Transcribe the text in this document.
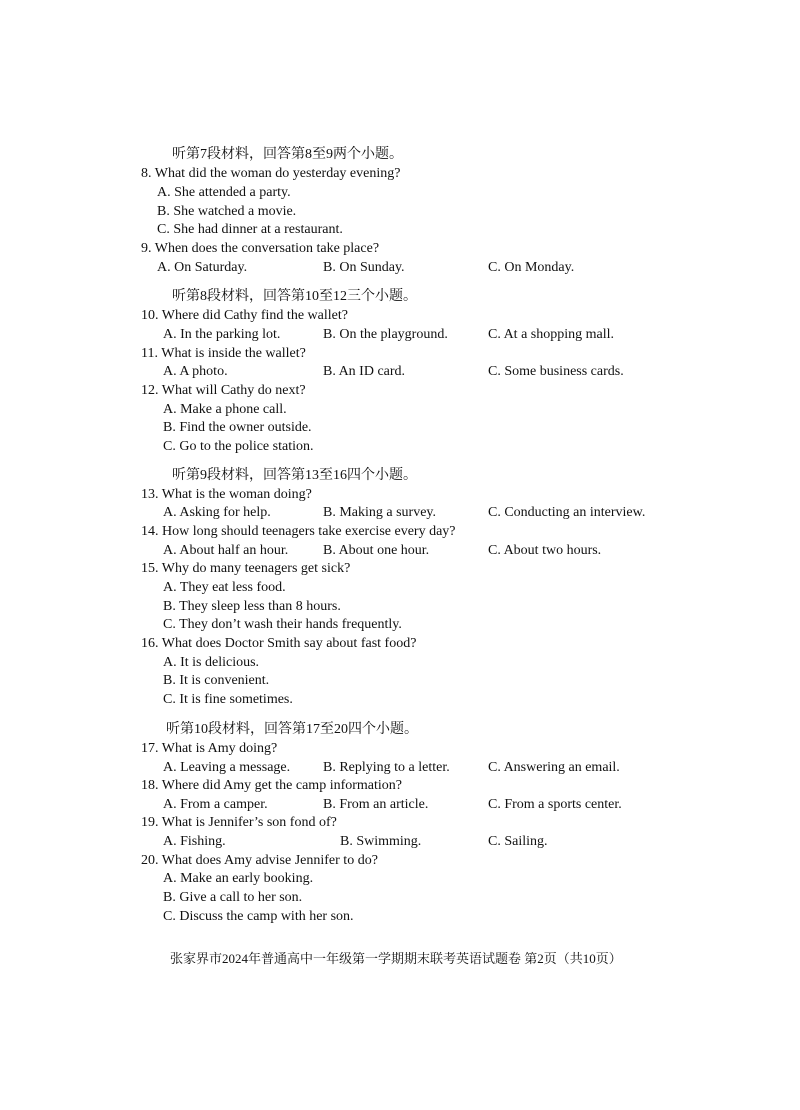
听第7段材料，回答第8至9两个小题。
8. What did the woman do yesterday evening?
A. She attended a party.
B. She watched a movie.
C. She had dinner at a restaurant.
9. When does the conversation take place?
A. On Saturday.	B. On Sunday.	C. On Monday.
听第8段材料，回答第10至12三个小题。
10. Where did Cathy find the wallet?
A. In the parking lot.	B. On the playground.	C. At a shopping mall.
11. What is inside the wallet?
A. A photo.	B. An ID card.	C. Some business cards.
12. What will Cathy do next?
A. Make a phone call.
B. Find the owner outside.
C. Go to the police station.
听第9段材料，回答第13至16四个小题。
13. What is the woman doing?
A. Asking for help.	B. Making a survey.	C. Conducting an interview.
14. How long should teenagers take exercise every day?
A. About half an hour. B. About one hour.	C. About two hours.
15. Why do many teenagers get sick?
A. They eat less food.
B. They sleep less than 8 hours.
C. They don’t wash their hands frequently.
16. What does Doctor Smith say about fast food?
A. It is delicious.
B. It is convenient.
C. It is fine sometimes.
听第10段材料，回答第17至20四个小题。
17. What is Amy doing?
A. Leaving a message. B. Replying to a letter.	C. Answering an email.
18. Where did Amy get the camp information?
A. From a camper.	B. From an article.	C. From a sports center.
19. What is Jennifer’s son fond of?
A. Fishing.	B. Swimming.	C. Sailing.
20. What does Amy advise Jennifer to do?
A. Make an early booking.
B. Give a call to her son.
C. Discuss the camp with her son.
张家界市2024年普通高中一年级第一学期期末联考英语试题卷 第2页（共10页）
